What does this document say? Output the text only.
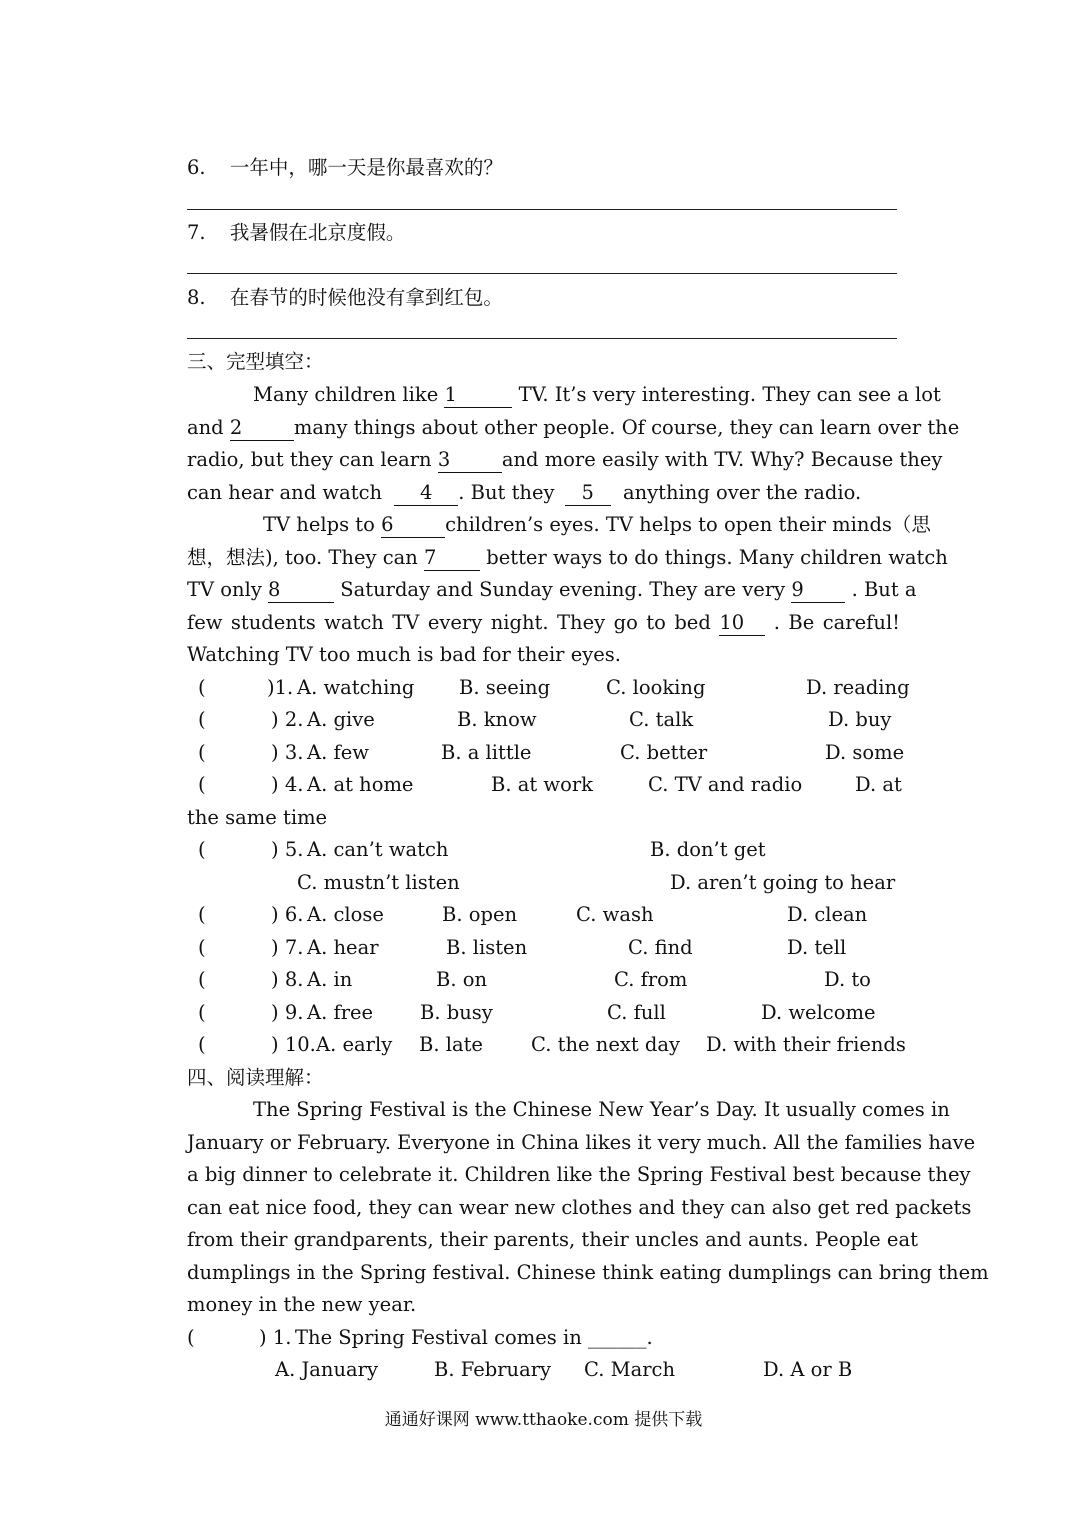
6. 一年中，哪一天是你最喜欢的？
7. 我暑假在北京度假。
8. 在春节的时候他没有拿到红包。
三、完型填空：
Many children like 1	TV. It’s very interesting. They can see a lot
and 2	many things about other people. Of course, they can learn over the
radio, but they can learn 3	and more easily with TV. Why? Because they
can hear and watch 4 . But they 5 anything over the radio.
TV helps to 6	children’s eyes. TV helps to open their minds（思
想，想法), too. They can 7	better ways to do things. Many children watch
TV only 8	Saturday and Sunday evening. They are very 9 . But a
few students watch TV every night. They go to bed 10 . Be careful!
Watching TV too much is bad for their eyes.
(	)1. A. watching B. seeing	C. looking	D. reading
(	) 2. A. give	B. know	C. talk	D. buy
(	) 3. A. few	B. a little	C. better	D. some
(	) 4. A. at home	B. at work	C. TV and radio	D. at
the same time
(	) 5. A. can’t watch	B. don’t get
C. mustn’t listen	D. aren’t going to hear
(	) 6. A. close	B. open	C. wash	D. clean
(	) 7. A. hear	B. listen	C. find	D. tell
(	) 8. A. in	B. on	C. from	D. to
(	) 9. A. free B. busy	C. full	D. welcome
(	) 10. A. early B. late C. the next day D. with their friends
四、阅读理解：
The Spring Festival is the Chinese New Year’s Day. It usually comes in
January or February. Everyone in China likes it very much. All the families have
a big dinner to celebrate it. Children like the Spring Festival best because they
can eat nice food, they can wear new clothes and they can also get red packets
from their grandparents, their parents, their uncles and aunts. People eat
dumplings in the Spring festival. Chinese think eating dumplings can bring them
money in the new year.
(	) 1. The Spring Festival comes in ______.
A. January	B. February C. March	D. A or B
通通好课网 www.tthaoke.com 提供下载
